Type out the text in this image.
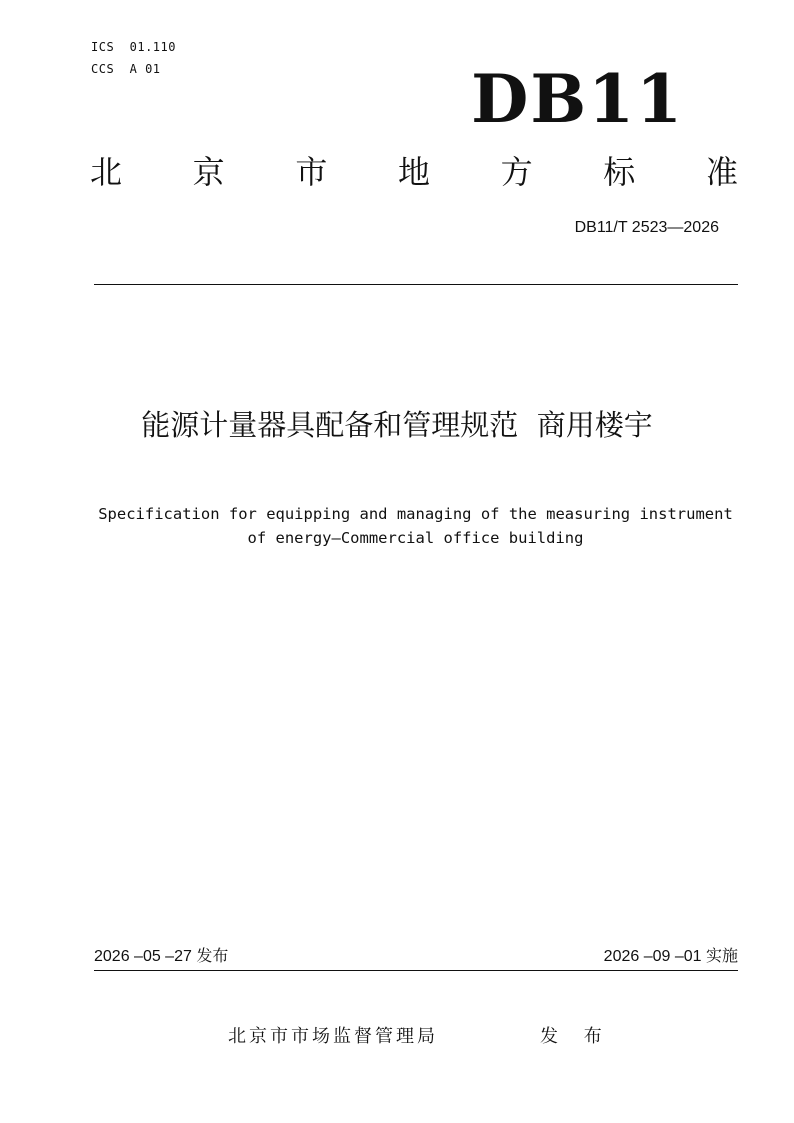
ICS  01.110
CCS  A 01	DB11
北 京 市 地 方 标 准
DB11/T 2523—2026
能源计量器具配备和管理规范  商用楼宇
Specification for equipping and managing of the measuring instrument
of energy—Commercial office building
2026 –05 –27 发布	2026 –09 –01 实施
北京市市场监督管理局	发 布
